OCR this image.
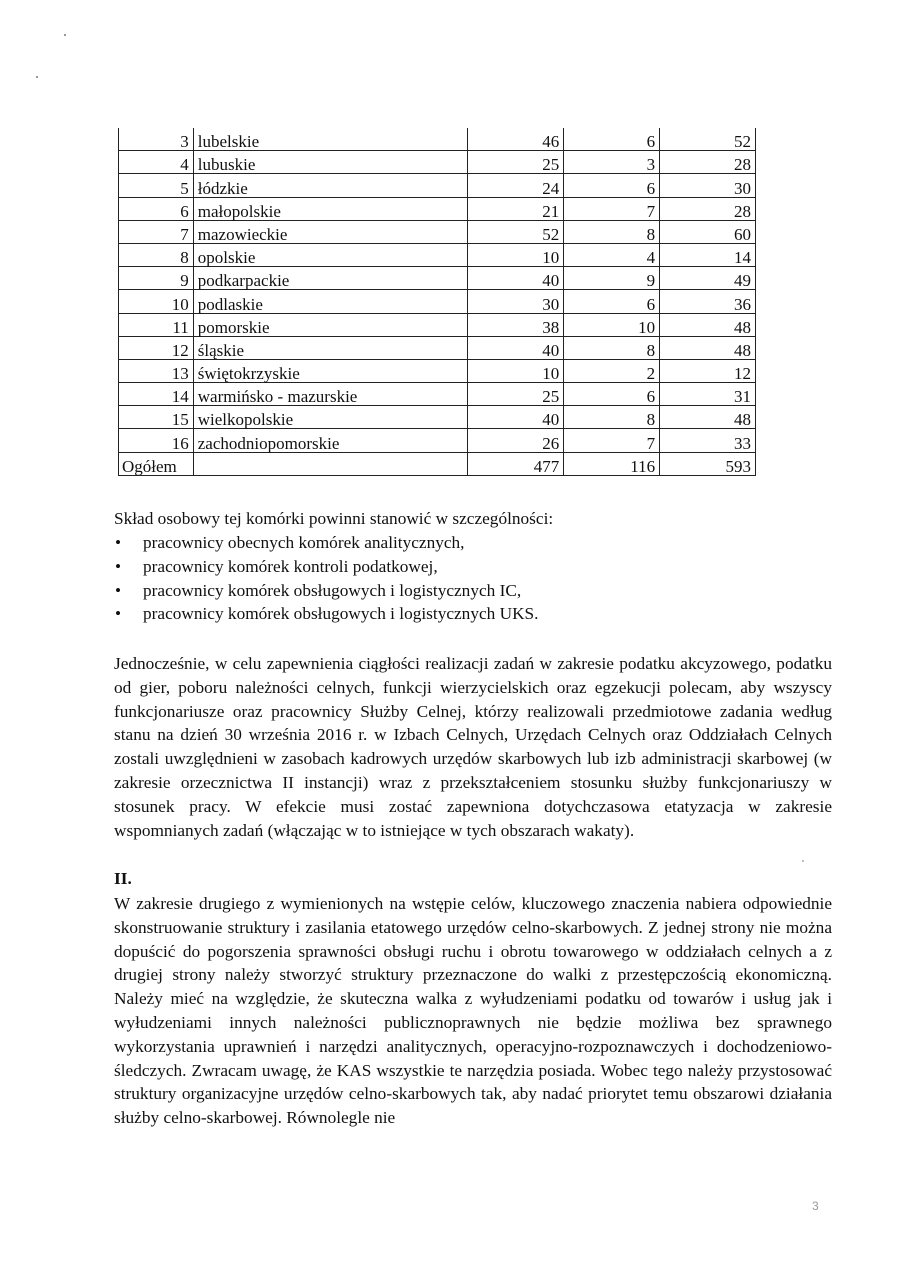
3	lubelskie	46	6	52
4	lubuskie	25	3	28
5	łódzkie	24	6	30
6	małopolskie	21	7	28
7	mazowieckie	52	8	60
8	opolskie	10	4	14
9	podkarpackie	40	9	49
10	podlaskie	30	6	36
11	pomorskie	38	10	48
12	śląskie	40	8	48
13	świętokrzyskie	10	2	12
14	warmińsko - mazurskie	25	6	31
15	wielkopolskie	40	8	48
16	zachodniopomorskie	26	7	33
Ogółem		477	116	593
Skład osobowy tej komórki powinni stanowić w szczególności:
• pracownicy obecnych komórek analitycznych,
• pracownicy komórek kontroli podatkowej,
• pracownicy komórek obsługowych i logistycznych IC,
• pracownicy komórek obsługowych i logistycznych UKS.
Jednocześnie, w celu zapewnienia ciągłości realizacji zadań w zakresie podatku akcyzowego, podatku od gier, poboru należności celnych, funkcji wierzycielskich oraz egzekucji polecam, aby wszyscy funkcjonariusze oraz pracownicy Służby Celnej, którzy realizowali przedmiotowe zadania według stanu na dzień 30 września 2016 r. w Izbach Celnych, Urzędach Celnych oraz Oddziałach Celnych zostali uwzględnieni w zasobach kadrowych urzędów skarbowych lub izb administracji skarbowej (w zakresie orzecznictwa II instancji) wraz z przekształceniem stosunku służby funkcjonariuszy w stosunek pracy. W efekcie musi zostać zapewniona dotychczasowa etatyzacja w zakresie wspomnianych zadań (włączając w to istniejące w tych obszarach wakaty).
II.
W zakresie drugiego z wymienionych na wstępie celów, kluczowego znaczenia nabiera odpowiednie skonstruowanie struktury i zasilania etatowego urzędów celno-skarbowych. Z jednej strony nie można dopuścić do pogorszenia sprawności obsługi ruchu i obrotu towarowego w oddziałach celnych a z drugiej strony należy stworzyć struktury przeznaczone do walki z przestępczością ekonomiczną. Należy mieć na względzie, że skuteczna walka z wyłudzeniami podatku od towarów i usług jak i wyłudzeniami innych należności publicznoprawnych nie będzie możliwa bez sprawnego wykorzystania uprawnień i narzędzi analitycznych, operacyjno-rozpoznawczych i dochodzeniowo-śledczych. Zwracam uwagę, że KAS wszystkie te narzędzia posiada. Wobec tego należy przystosować struktury organizacyjne urzędów celno-skarbowych tak, aby nadać priorytet temu obszarowi działania służby celno-skarbowej. Równolegle nie
3
